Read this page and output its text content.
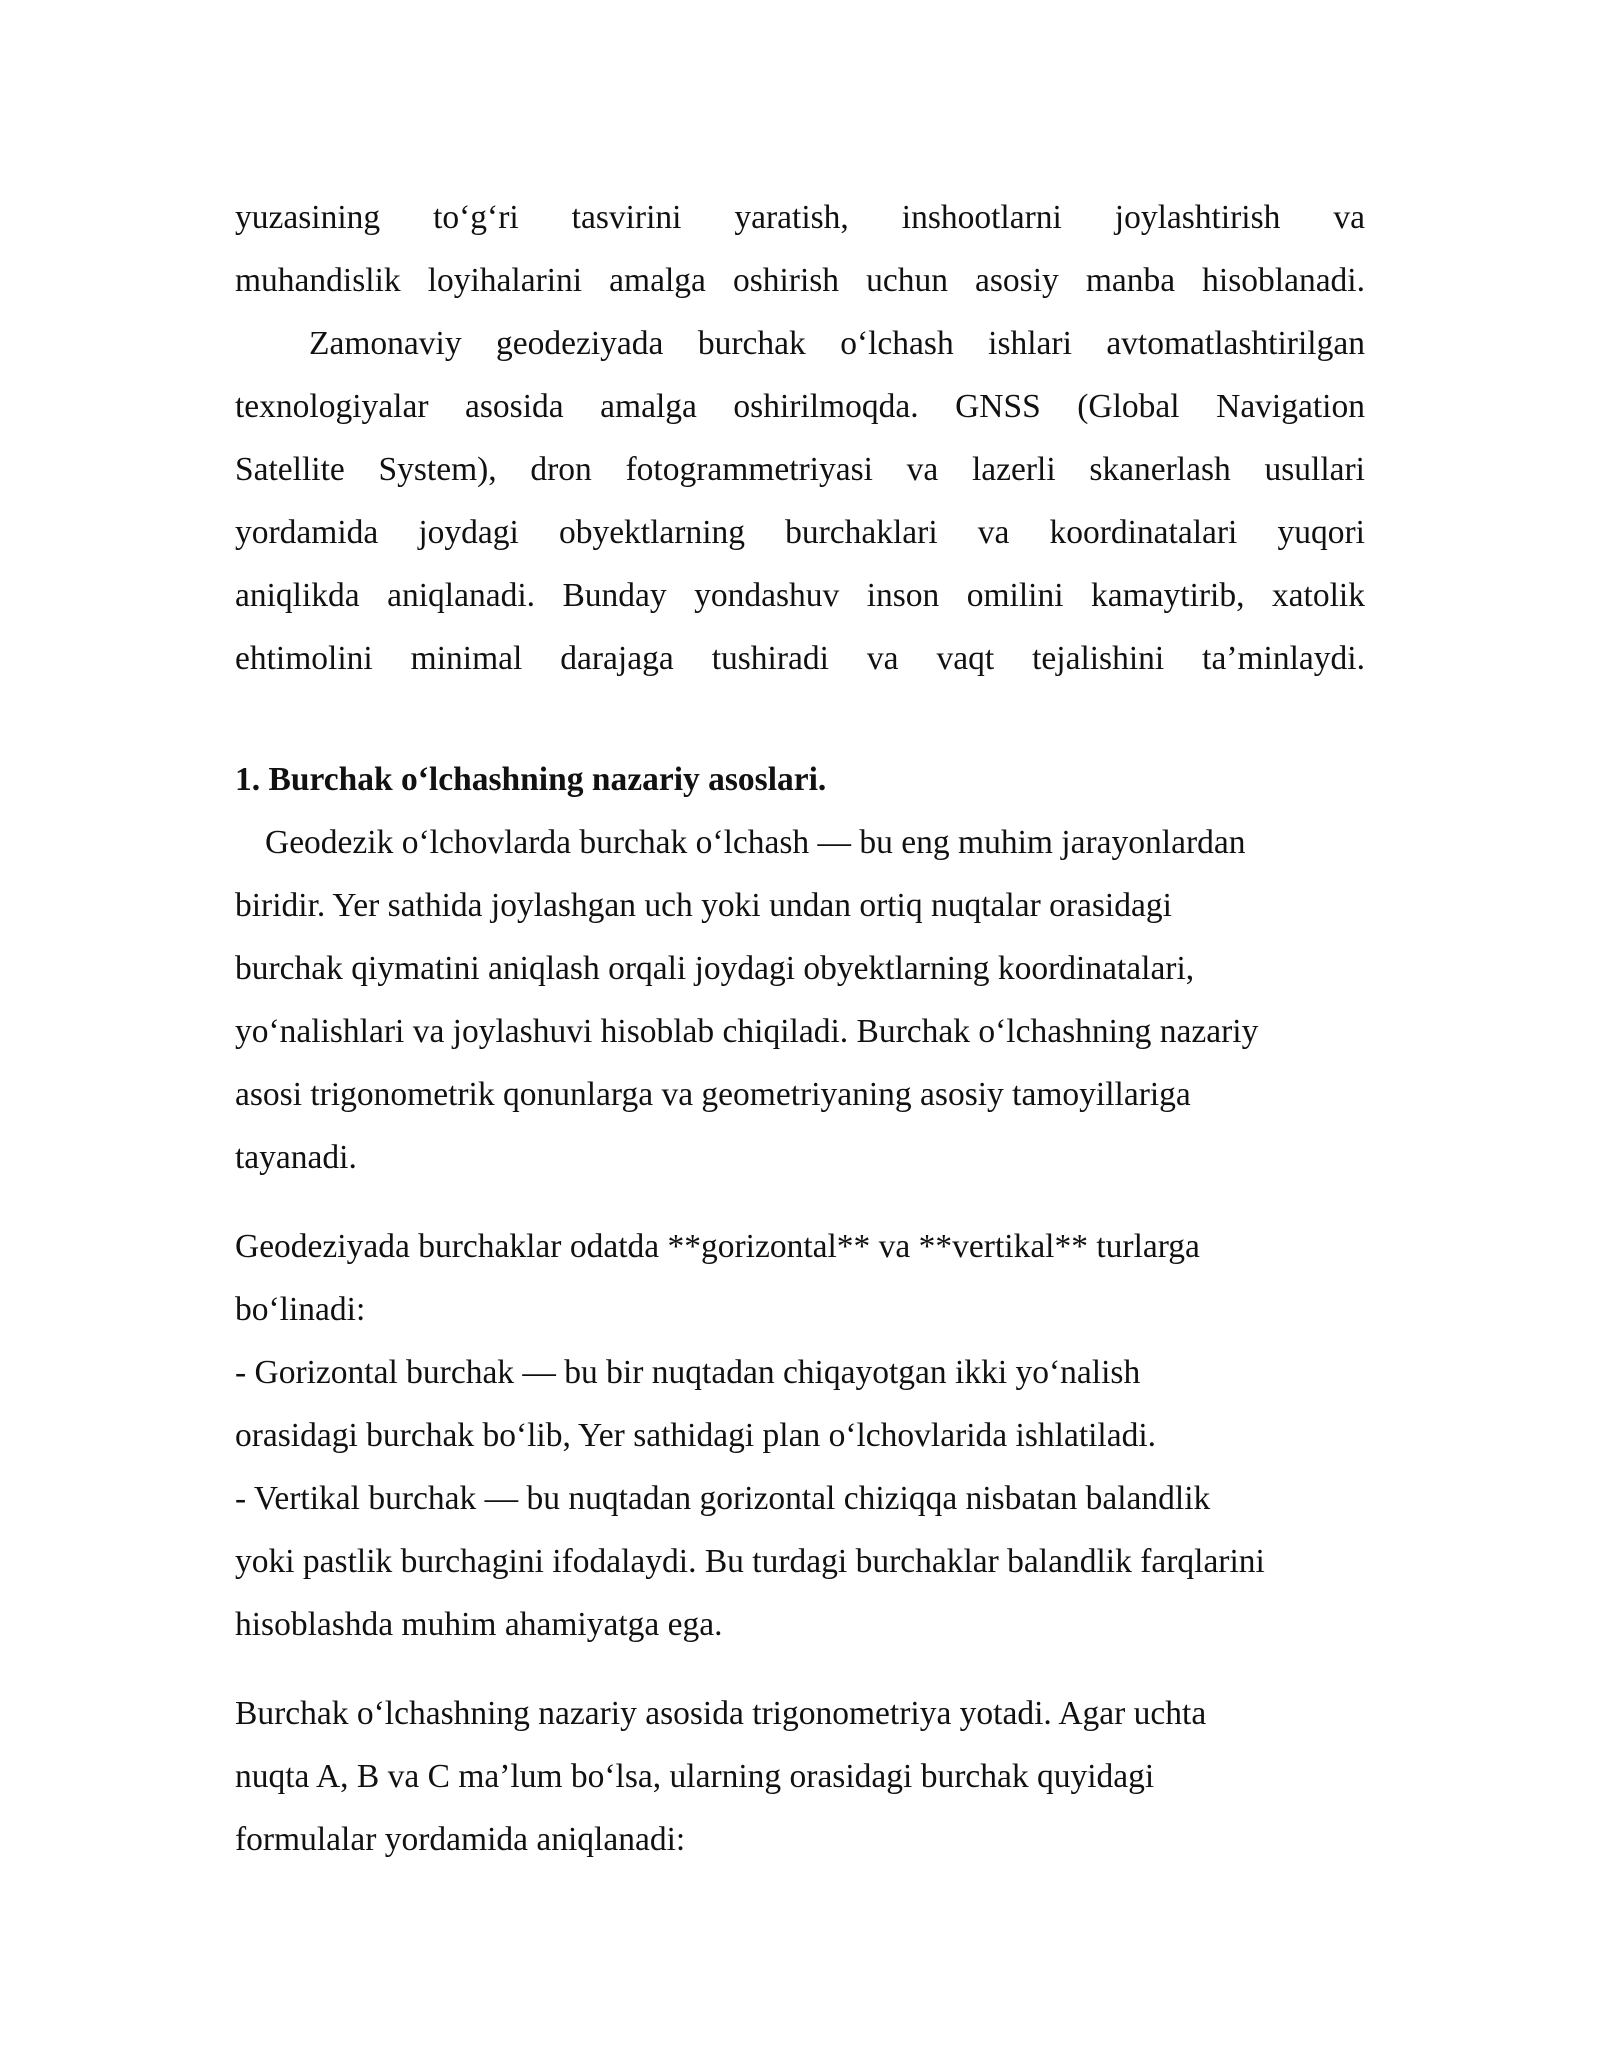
yuzasining to‘g‘ri tasvirini yaratish, inshootlarni joylashtirish va
muhandislik loyihalarini amalga oshirish uchun asosiy manba hisoblanadi.
Zamonaviy geodeziyada burchak o‘lchash ishlari avtomatlashtirilgan
texnologiyalar asosida amalga oshirilmoqda. GNSS (Global Navigation
Satellite System), dron fotogrammetriyasi va lazerli skanerlash usullari
yordamida joydagi obyektlarning burchaklari va koordinatalari yuqori
aniqlikda aniqlanadi. Bunday yondashuv inson omilini kamaytirib, xatolik
ehtimolini minimal darajaga tushiradi va vaqt tejalishini ta’minlaydi.
1. Burchak o‘lchashning nazariy asoslari.
Geodezik o‘lchovlarda burchak o‘lchash — bu eng muhim jarayonlardan
biridir. Yer sathida joylashgan uch yoki undan ortiq nuqtalar orasidagi
burchak qiymatini aniqlash orqali joydagi obyektlarning koordinatalari,
yo‘nalishlari va joylashuvi hisoblab chiqiladi. Burchak o‘lchashning nazariy
asosi trigonometrik qonunlarga va geometriyaning asosiy tamoyillariga
tayanadi.
Geodeziyada burchaklar odatda **gorizontal** va **vertikal** turlarga
bo‘linadi:
- Gorizontal burchak — bu bir nuqtadan chiqayotgan ikki yo‘nalish
orasidagi burchak bo‘lib, Yer sathidagi plan o‘lchovlarida ishlatiladi.
- Vertikal burchak — bu nuqtadan gorizontal chiziqqa nisbatan balandlik
yoki pastlik burchagini ifodalaydi. Bu turdagi burchaklar balandlik farqlarini
hisoblashda muhim ahamiyatga ega.
Burchak o‘lchashning nazariy asosida trigonometriya yotadi. Agar uchta
nuqta A, B va C ma’lum bo‘lsa, ularning orasidagi burchak quyidagi
formulalar yordamida aniqlanadi:
